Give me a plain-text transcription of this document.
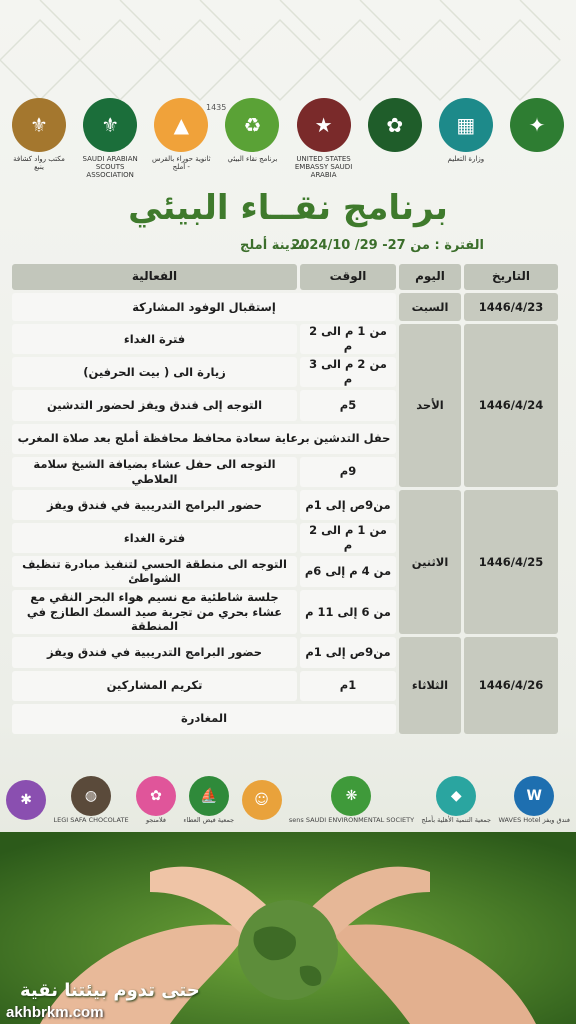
1435
✦
▦
وزارة التعليم
✿
★
UNITED STATES EMBASSY SAUDI ARABIA
♻
برنامج نقاء البيئي
▲
ثانوية حوراء بالقرس - أملج
⚜
SAUDI ARABIAN SCOUTS ASSOCIATION
⚜
مكتب رواد كشافة ينبع
برنامج نقــاء البيئي
الفترة : من 27- 29/ 2024/10
مدينة أملج
التاريخ
اليوم
الوقت
الفعالية
1446/4/23
السبت
إستقبال الوفود المشاركة
1446/4/24
الأحد
من 1 م الى 2 م
فترة الغداء
من 2 م الى 3 م
زيارة الى ( بيت الحرفين)
5م
التوجه إلى فندق ويفز لحضور التدشين
حفل التدشين برعاية سعادة محافظ محافظة أملج بعد صلاة المغرب
9م
التوجه الى حفل عشاء بضيافة الشيخ سلامة العلاطي
1446/4/25
الاثنين
من9ص إلى 1م
حضور البرامج التدريبية في فندق ويفز
من 1 م الى 2 م
فترة الغداء
من 4 م إلى 6م
التوجه الى منطقة الحسي لتنفيذ مبادرة تنظيف الشواطئ
من 6 إلى 11 م
جلسة شاطئية مع نسيم هواء البحر النقي مع عشاء بحري من تجربة صيد السمك الطازج في المنطقة
1446/4/26
الثلاثاء
من9ص إلى 1م
حضور البرامج التدريبية في فندق ويفز
1م
تكريم المشاركين
المغادرة
W
فندق ويفز WAVES Hotel
◆
جمعية التنمية الأهلية بأملج
❋
sens SAUDI ENVIRONMENTAL SOCIETY
☺
⛵
جمعية فيض العطاء
✿
فلامنجو
◍
LEGI SAFA CHOCOLATE
✱
حتى تدوم بيئتنا نقية
akhbrkm.com
